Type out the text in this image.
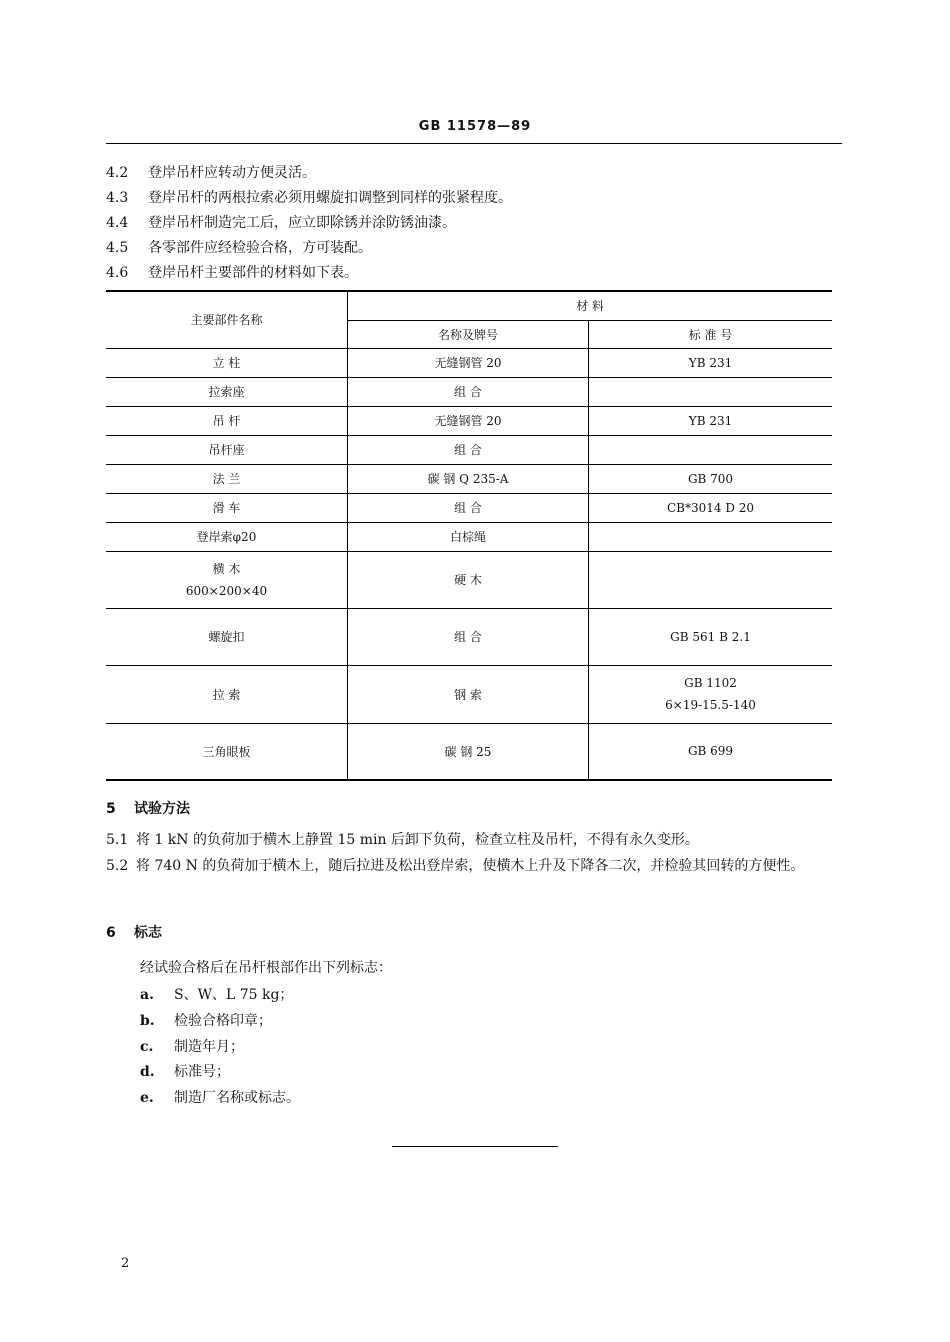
GB 11578—89
4.2 登岸吊杆应转动方便灵活。
4.3 登岸吊杆的两根拉索必须用螺旋扣调整到同样的张紧程度。
4.4 登岸吊杆制造完工后，应立即除锈并涂防锈油漆。
4.5 各零部件应经检验合格，方可装配。
4.6 登岸吊杆主要部件的材料如下表。
主要部件名称	材 料	
	名称及牌号	标 准 号
立 柱	无缝钢管 20	YB 231
拉索座	组 合	
吊 杆	无缝钢管 20	YB 231
吊杆座	组 合	
法 兰	碳 钢 Q 235-A	GB 700
滑 车	组 合	CB*3014 D 20
登岸索φ20	白棕绳	

横 木
600×200×40	硬 木	
螺旋扣	组 合	GB 561 B 2.1
拉 索	钢 索	GB 1102
6×19-15.5-140

三角眼板	碳 钢 25	GB 699
5 试验方法
5.1 将 1 kN 的负荷加于横木上静置 15 min 后卸下负荷，检查立柱及吊杆，不得有永久变形。
5.2 将 740 N 的负荷加于横木上，随后拉进及松出登岸索，使横木上升及下降各二次，并检验其回转的方便性。
6 标志
经试验合格后在吊杆根部作出下列标志：
a. S、W、L 75 kg；
b. 检验合格印章；
c. 制造年月；
d. 标准号；
e. 制造厂名称或标志。
2
